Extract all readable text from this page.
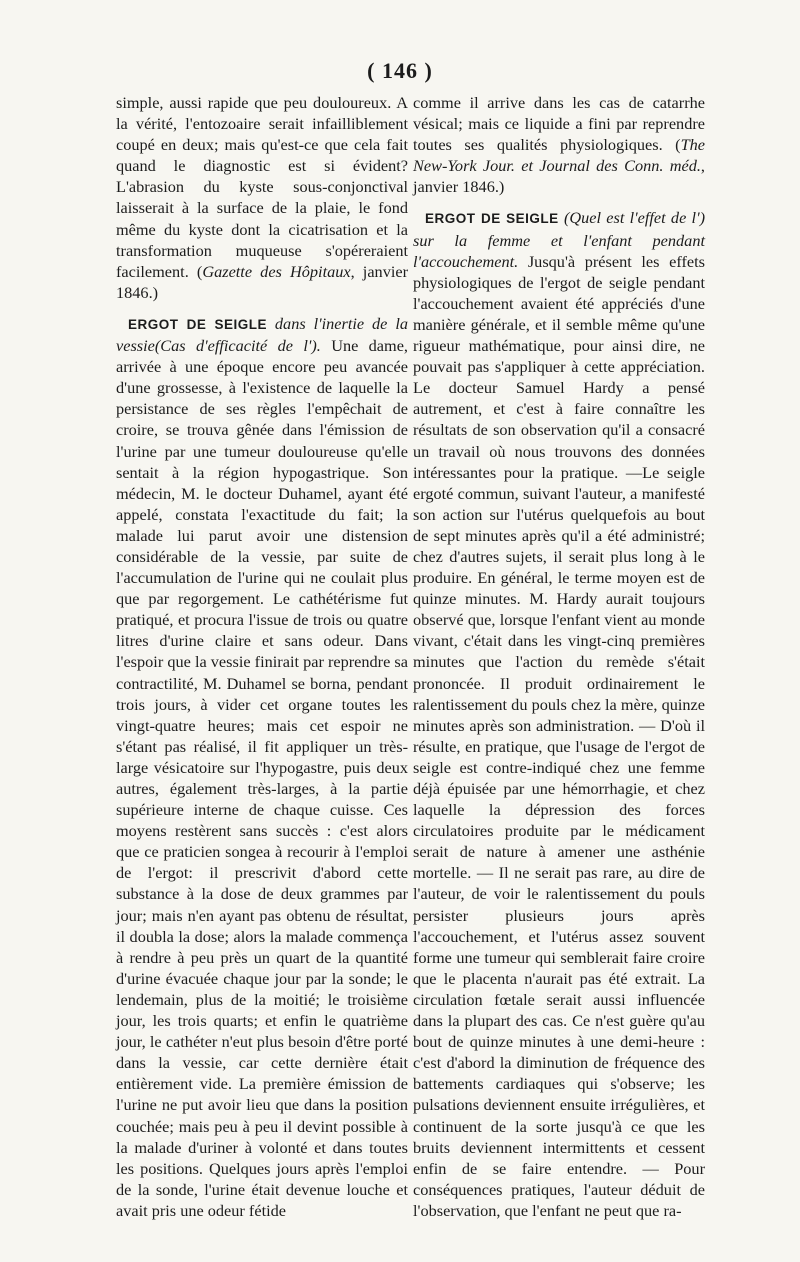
( 146 )

simple, aussi rapide que peu douloureux. A la vérité, l'entozoaire serait infailliblement coupé en deux; mais qu'est-ce que cela fait quand le diagnostic est si évident? L'abrasion du kyste sous-conjonctival laisserait à la surface de la plaie, le fond même du kyste dont la cicatrisation et la transformation muqueuse s'opéreraient facilement. (Gazette des Hôpitaux, janvier 1846.)

ERGOT DE SEIGLE dans l'inertie de la vessie(Cas d'efficacité de l'). Une dame, arrivée à une époque encore peu avancée d'une grossesse, à l'existence de laquelle la persistance de ses règles l'empêchait de croire, se trouva gênée dans l'émission de l'urine par une tumeur douloureuse qu'elle sentait à la région hypogastrique. Son médecin, M. le docteur Duhamel, ayant été appelé, constata l'exactitude du fait; la malade lui parut avoir une distension considérable de la vessie, par suite de l'accumulation de l'urine qui ne coulait plus que par regorgement. Le cathétérisme fut pratiqué, et procura l'issue de trois ou quatre litres d'urine claire et sans odeur. Dans l'espoir que la vessie finirait par reprendre sa contractilité, M. Duhamel se borna, pendant trois jours, à vider cet organe toutes les vingt-quatre heures; mais cet espoir ne s'étant pas réalisé, il fit appliquer un très-large vésicatoire sur l'hypogastre, puis deux autres, également très-larges, à la partie supérieure interne de chaque cuisse. Ces moyens restèrent sans succès : c'est alors que ce praticien songea à recourir à l'emploi de l'ergot: il prescrivit d'abord cette substance à la dose de deux grammes par jour; mais n'en ayant pas obtenu de résultat, il doubla la dose; alors la malade commença à rendre à peu près un quart de la quantité d'urine évacuée chaque jour par la sonde; le lendemain, plus de la moitié; le troisième jour, les trois quarts; et enfin le quatrième jour, le cathéter n'eut plus besoin d'être porté dans la vessie, car cette dernière était entièrement vide. La première émission de l'urine ne put avoir lieu que dans la position couchée; mais peu à peu il devint possible à la malade d'uriner à volonté et dans toutes les positions. Quelques jours après l'emploi de la sonde, l'urine était devenue louche et avait pris une odeur fétide

comme il arrive dans les cas de catarrhe vésical; mais ce liquide a fini par reprendre toutes ses qualités physiologiques. (The New-York Jour. et Journal des Conn. méd., janvier 1846.)

ERGOT DE SEIGLE (Quel est l'effet de l') sur la femme et l'enfant pendant l'accouchement. Jusqu'à présent les effets physiologiques de l'ergot de seigle pendant l'accouchement avaient été appréciés d'une manière générale, et il semble même qu'une rigueur mathématique, pour ainsi dire, ne pouvait pas s'appliquer à cette appréciation. Le docteur Samuel Hardy a pensé autrement, et c'est à faire connaître les résultats de son observation qu'il a consacré un travail où nous trouvons des données intéressantes pour la pratique. —Le seigle ergoté commun, suivant l'auteur, a manifesté son action sur l'utérus quelquefois au bout de sept minutes après qu'il a été administré; chez d'autres sujets, il serait plus long à le produire. En général, le terme moyen est de quinze minutes. M. Hardy aurait toujours observé que, lorsque l'enfant vient au monde vivant, c'était dans les vingt-cinq premières minutes que l'action du remède s'était prononcée. Il produit ordinairement le ralentissement du pouls chez la mère, quinze minutes après son administration. — D'où il résulte, en pratique, que l'usage de l'ergot de seigle est contre-indiqué chez une femme déjà épuisée par une hémorrhagie, et chez laquelle la dépression des forces circulatoires produite par le médicament serait de nature à amener une asthénie mortelle. — Il ne serait pas rare, au dire de l'auteur, de voir le ralentissement du pouls persister plusieurs jours après l'accouchement, et l'utérus assez souvent forme une tumeur qui semblerait faire croire que le placenta n'aurait pas été extrait. La circulation fœtale serait aussi influencée dans la plupart des cas. Ce n'est guère qu'au bout de quinze minutes à une demi-heure : c'est d'abord la diminution de fréquence des battements cardiaques qui s'observe; les pulsations deviennent ensuite irrégulières, et continuent de la sorte jusqu'à ce que les bruits deviennent intermittents et cessent enfin de se faire entendre. — Pour conséquences pratiques, l'auteur déduit de l'observation, que l'enfant ne peut que ra-
